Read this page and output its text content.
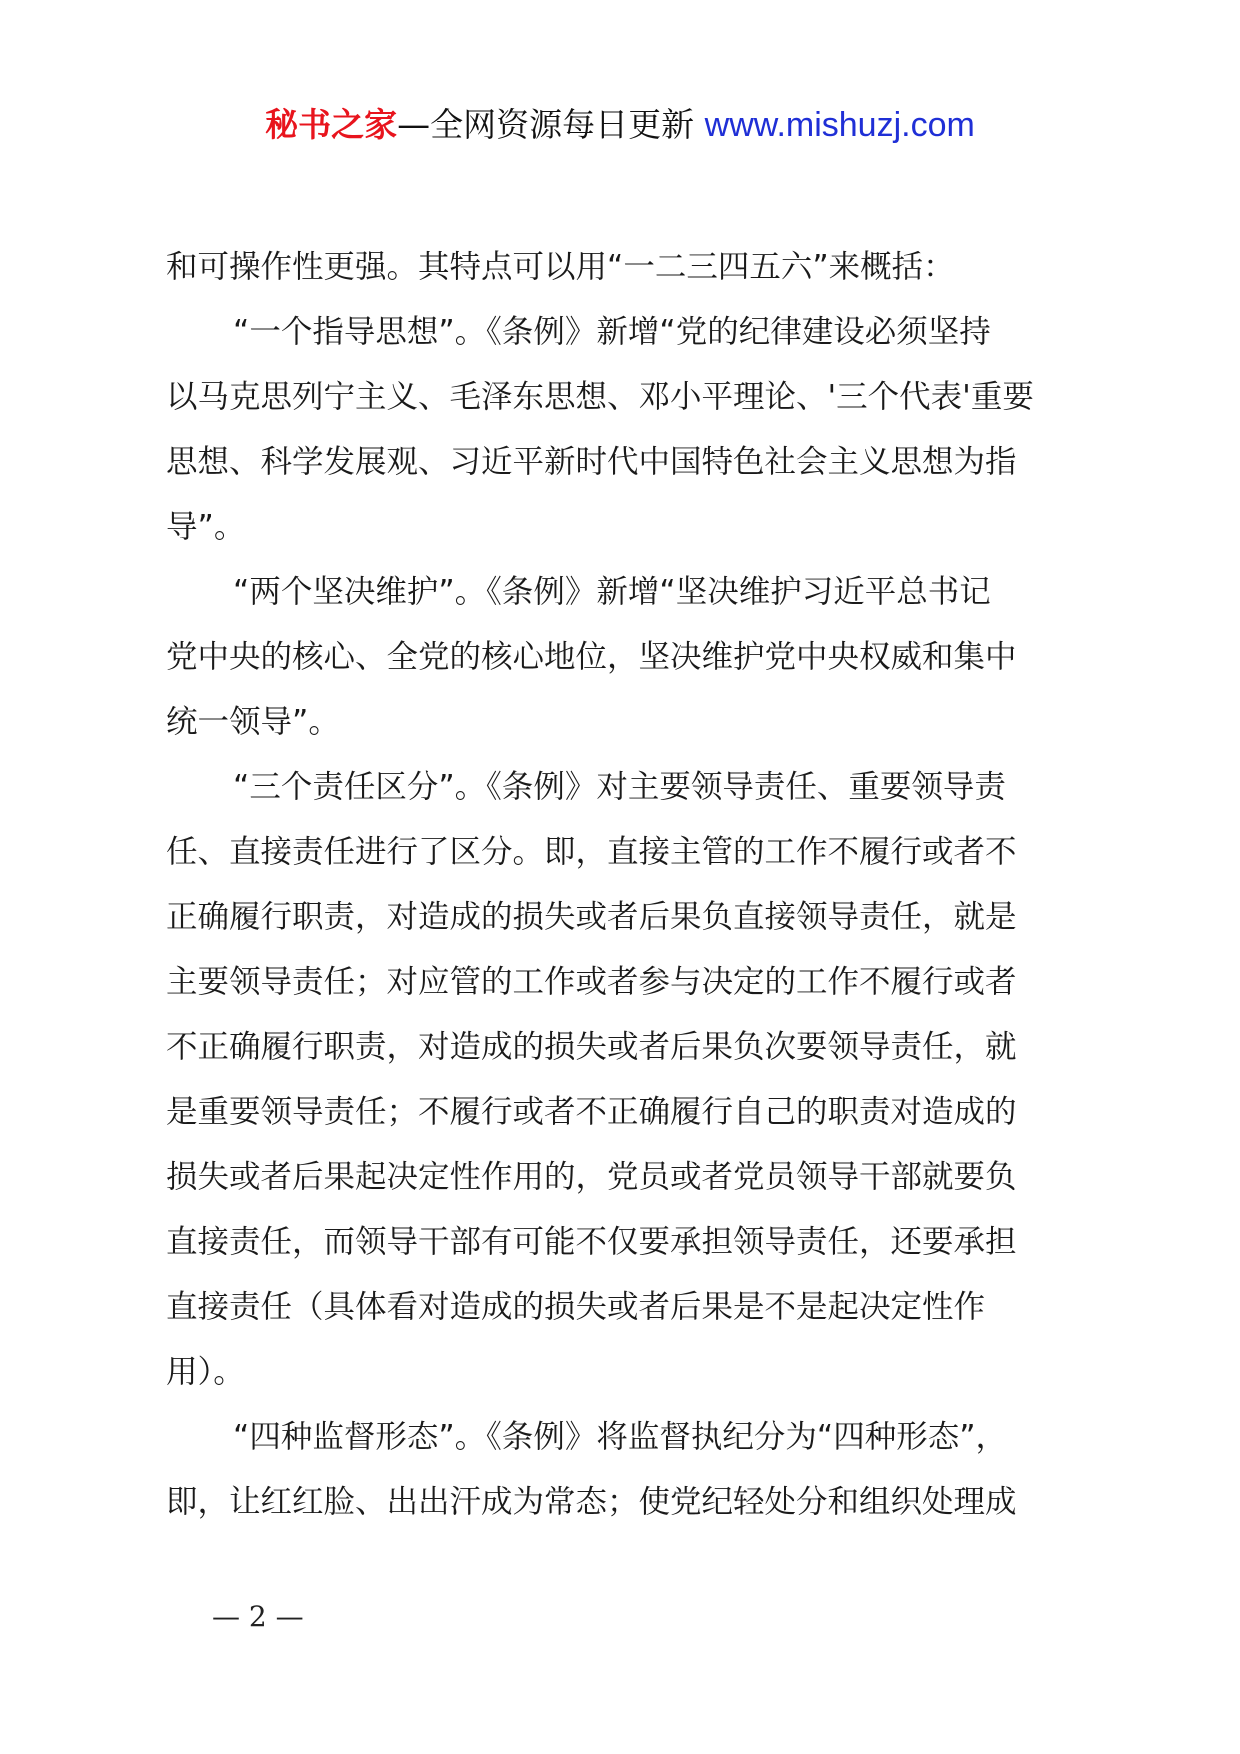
秘书之家—全网资源每日更新 www.mishuzj.com
和可操作性更强。其特点可以用“一二三四五六”来概括：
“一个指导思想”。《条例》新增“党的纪律建设必须坚持
以马克思列宁主义、毛泽东思想、邓小平理论、'三个代表'重要
思想、科学发展观、习近平新时代中国特色社会主义思想为指
导”。
“两个坚决维护”。《条例》新增“坚决维护习近平总书记
党中央的核心、全党的核心地位，坚决维护党中央权威和集中
统一领导”。
“三个责任区分”。《条例》对主要领导责任、重要领导责
任、直接责任进行了区分。即，直接主管的工作不履行或者不
正确履行职责，对造成的损失或者后果负直接领导责任，就是
主要领导责任；对应管的工作或者参与决定的工作不履行或者
不正确履行职责，对造成的损失或者后果负次要领导责任，就
是重要领导责任；不履行或者不正确履行自己的职责对造成的
损失或者后果起决定性作用的，党员或者党员领导干部就要负
直接责任，而领导干部有可能不仅要承担领导责任，还要承担
直接责任（具体看对造成的损失或者后果是不是起决定性作
用）。
“四种监督形态”。《条例》将监督执纪分为“四种形态”，
即，让红红脸、出出汗成为常态；使党纪轻处分和组织处理成
— 2 —
